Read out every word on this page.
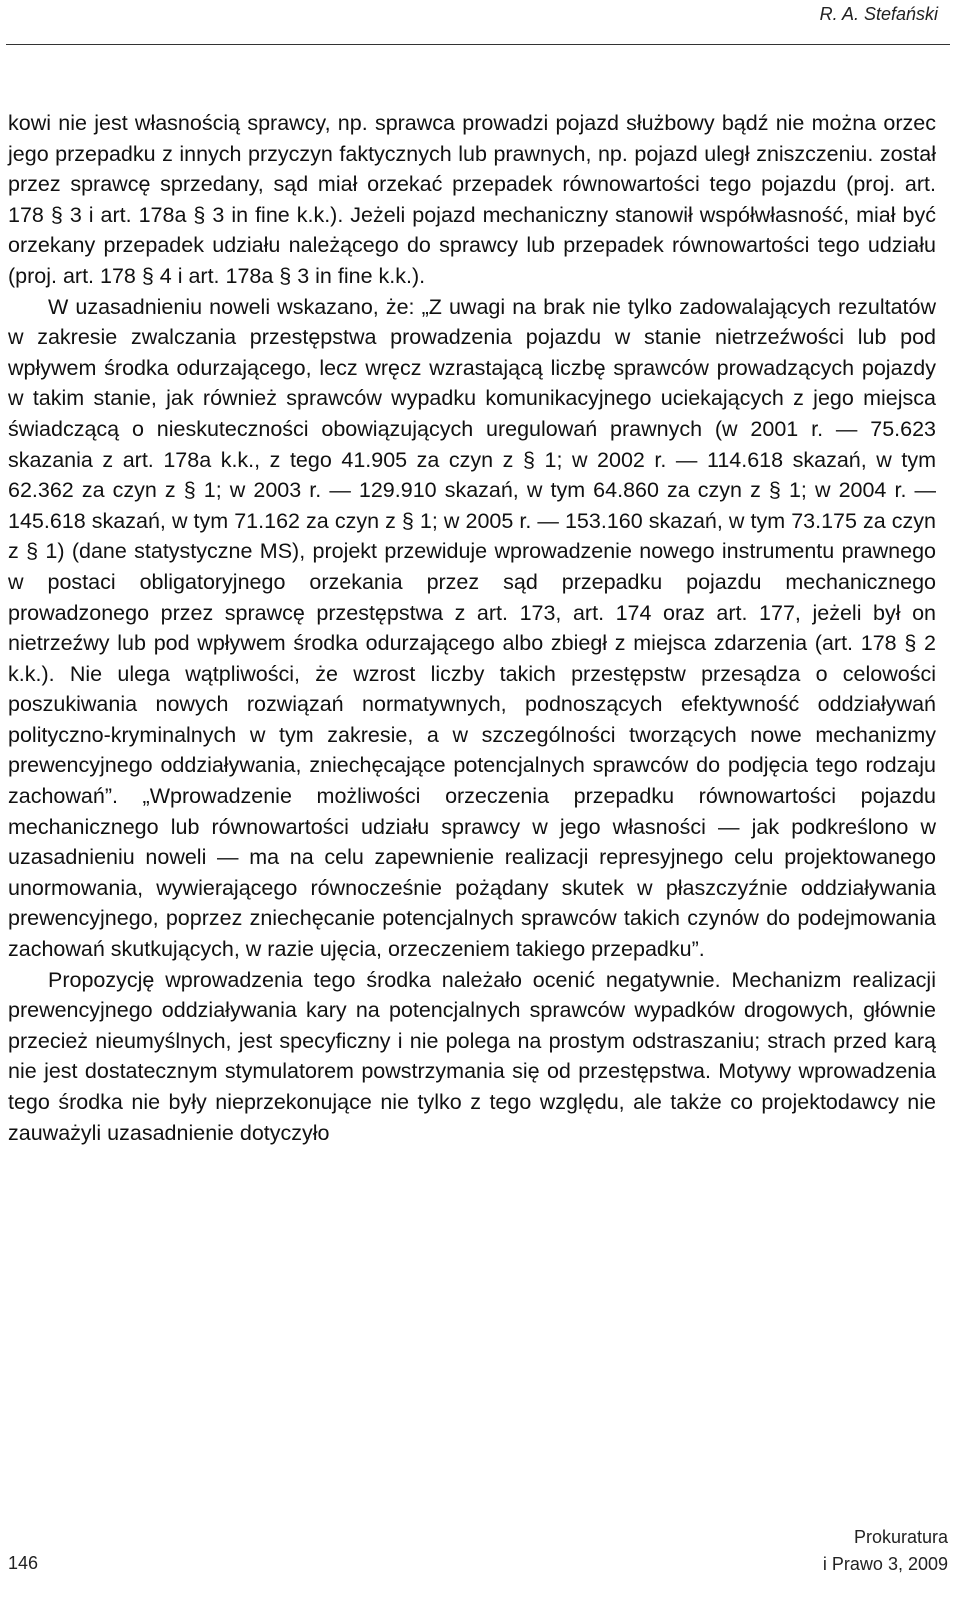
R. A. Stefański

kowi nie jest własnością sprawcy, np. sprawca prowadzi pojazd służbowy bądź nie można orzec jego przepadku z innych przyczyn faktycznych lub prawnych, np. pojazd uległ zniszczeniu. został przez sprawcę sprzedany, sąd miał orzekać przepadek równowartości tego pojazdu (proj. art. 178 § 3 i art. 178a § 3 in fine k.k.). Jeżeli pojazd mechaniczny stanowił współwłasność, miał być orzekany przepadek udziału należącego do sprawcy lub przepadek równowartości tego udziału (proj. art. 178 § 4 i art. 178a § 3 in fine k.k.).

W uzasadnieniu noweli wskazano, że: „Z uwagi na brak nie tylko zadowalających rezultatów w zakresie zwalczania przestępstwa prowadzenia pojazdu w stanie nietrzeźwości lub pod wpływem środka odurzającego, lecz wręcz wzrastającą liczbę sprawców prowadzących pojazdy w takim stanie, jak również sprawców wypadku komunikacyjnego uciekających z jego miejsca świadczącą o nieskuteczności obowiązujących uregulowań prawnych (w 2001 r. — 75.623 skazania z art. 178a k.k., z tego 41.905 za czyn z § 1; w 2002 r. — 114.618 skazań, w tym 62.362 za czyn z § 1; w 2003 r. — 129.910 skazań, w tym 64.860 za czyn z § 1; w 2004 r. — 145.618 skazań, w tym 71.162 za czyn z § 1; w 2005 r. — 153.160 skazań, w tym 73.175 za czyn z § 1) (dane statystyczne MS), projekt przewiduje wprowadzenie nowego instrumentu prawnego w postaci obligatoryjnego orzekania przez sąd przepadku pojazdu mechanicznego prowadzonego przez sprawcę przestępstwa z art. 173, art. 174 oraz art. 177, jeżeli był on nietrzeźwy lub pod wpływem środka odurzającego albo zbiegł z miejsca zdarzenia (art. 178 § 2 k.k.). Nie ulega wątpliwości, że wzrost liczby takich przestępstw przesądza o celowości poszukiwania nowych rozwiązań normatywnych, podnoszących efektywność oddziaływań polityczno-kryminalnych w tym zakresie, a w szczególności tworzących nowe mechanizmy prewencyjnego oddziaływania, zniechęcające potencjalnych sprawców do podjęcia tego rodzaju zachowań”. „Wprowadzenie możliwości orzeczenia przepadku równowartości pojazdu mechanicznego lub równowartości udziału sprawcy w jego własności — jak podkreślono w uzasadnieniu noweli — ma na celu zapewnienie realizacji represyjnego celu projektowanego unormowania, wywierającego równocześnie pożądany skutek w płaszczyźnie oddziaływania prewencyjnego, poprzez zniechęcanie potencjalnych sprawców takich czynów do podejmowania zachowań skutkujących, w razie ujęcia, orzeczeniem takiego przepadku”.

Propozycję wprowadzenia tego środka należało ocenić negatywnie. Mechanizm realizacji prewencyjnego oddziaływania kary na potencjalnych sprawców wypadków drogowych, głównie przecież nieumyślnych, jest specyficzny i nie polega na prostym odstraszaniu; strach przed karą nie jest dostatecznym stymulatorem powstrzymania się od przestępstwa. Motywy wprowadzenia tego środka nie były nieprzekonujące nie tylko z tego względu, ale także co projektodawcy nie zauważyli uzasadnienie dotyczyło

146
Prokuratura
i Prawo 3, 2009
